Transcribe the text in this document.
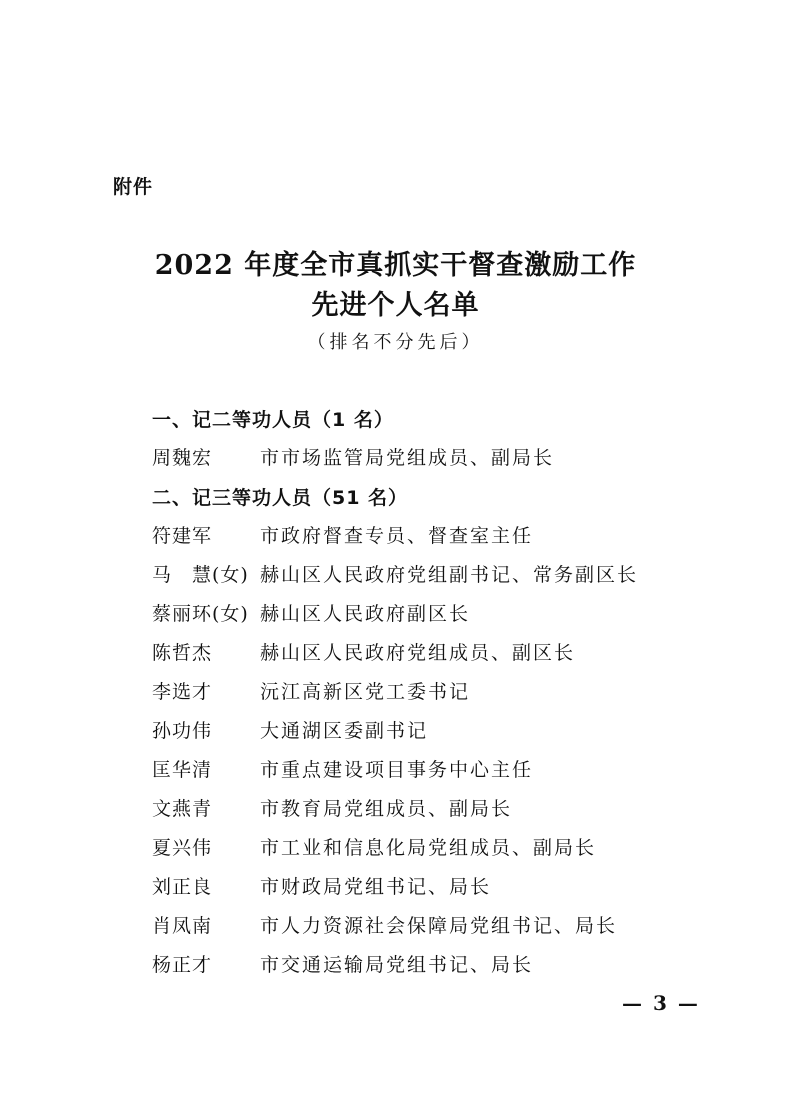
附件
2022 年度全市真抓实干督查激励工作
先进个人名单
（排名不分先后）
一、记二等功人员（1 名）
周魏宏	市市场监管局党组成员、副局长
二、记三等功人员（51 名）
符建军	市政府督查专员、督查室主任
马　慧(女) 赫山区人民政府党组副书记、常务副区长
蔡丽环(女) 赫山区人民政府副区长
陈哲杰	赫山区人民政府党组成员、副区长
李选才	沅江高新区党工委书记
孙功伟	大通湖区委副书记
匡华清	市重点建设项目事务中心主任
文燕青	市教育局党组成员、副局长
夏兴伟	市工业和信息化局党组成员、副局长
刘正良	市财政局党组书记、局长
肖凤南	市人力资源社会保障局党组书记、局长
杨正才	市交通运输局党组书记、局长
— 3 —
